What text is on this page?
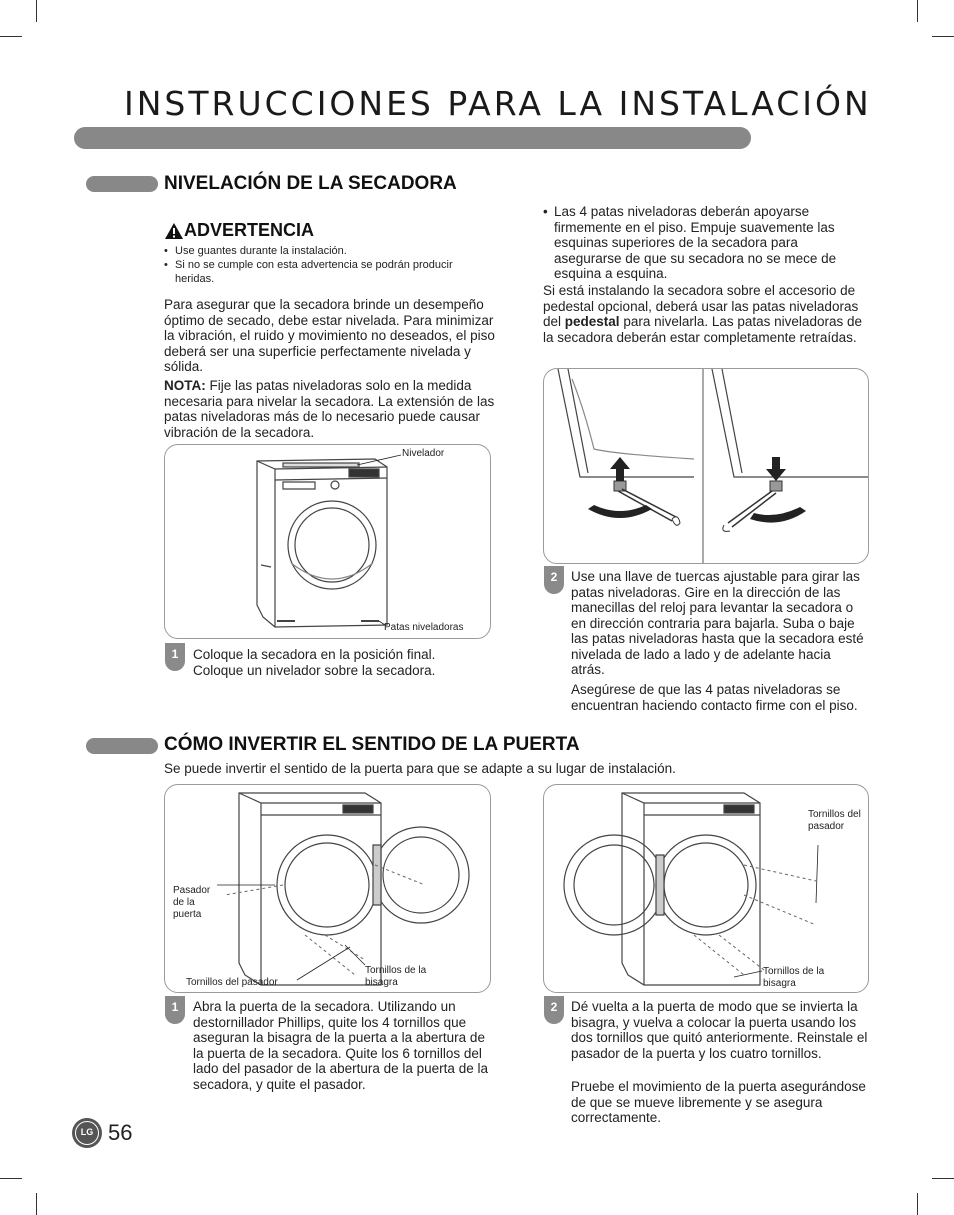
INSTRUCCIONES PARA LA INSTALACIÓN
NIVELACIÓN DE LA SECADORA
ADVERTENCIA
• Use guantes durante la instalación.
• Si no se cumple con esta advertencia se podrán producir heridas.
Para asegurar que la secadora brinde un desempeño óptimo de secado, debe estar nivelada. Para minimizar la vibración, el ruido y movimiento no deseados, el piso deberá ser una superficie perfectamente nivelada y sólida.
NOTA: Fije las patas niveladoras solo en la medida necesaria para nivelar la secadora. La extensión de las patas niveladoras más de lo necesario puede causar vibración de la secadora.
Nivelador
Patas niveladoras
1	Coloque la secadora en la posición final. Coloque un nivelador sobre la secadora.
• Las 4 patas niveladoras deberán apoyarse firmemente en el piso. Empuje suavemente las esquinas superiores de la secadora para asegurarse de que su secadora no se mece de esquina a esquina.
Si está instalando la secadora sobre el accesorio de pedestal opcional, deberá usar las patas niveladoras del pedestal para nivelarla. Las patas niveladoras de la secadora deberán estar completamente retraídas.
2	Use una llave de tuercas ajustable para girar las patas niveladoras. Gire en la dirección de las manecillas del reloj para levantar la secadora o en dirección contraria para bajarla. Suba o baje las patas niveladoras hasta que la secadora esté nivelada de lado a lado y de adelante hacia atrás.
Asegúrese de que las 4 patas niveladoras se encuentran haciendo contacto firme con el piso.
CÓMO INVERTIR EL SENTIDO DE LA PUERTA
Se puede invertir el sentido de la puerta para que se adapte a su lugar de instalación.
Pasador de la puerta
Tornillos del pasador
Tornillos de la bisagra
1	Abra la puerta de la secadora. Utilizando un destornillador Phillips, quite los 4 tornillos que aseguran la bisagra de la puerta a la abertura de la puerta de la secadora. Quite los 6 tornillos del lado del pasador de la abertura de la puerta de la secadora, y quite el pasador.
Tornillos del pasador
Tornillos de la bisagra
2	Dé vuelta a la puerta de modo que se invierta la bisagra, y vuelva a colocar la puerta usando los dos tornillos que quitó anteriormente. Reinstale el pasador de la puerta y los cuatro tornillos.
Pruebe el movimiento de la puerta asegurándose de que se mueve libremente y se asegura correctamente.
LG 56
